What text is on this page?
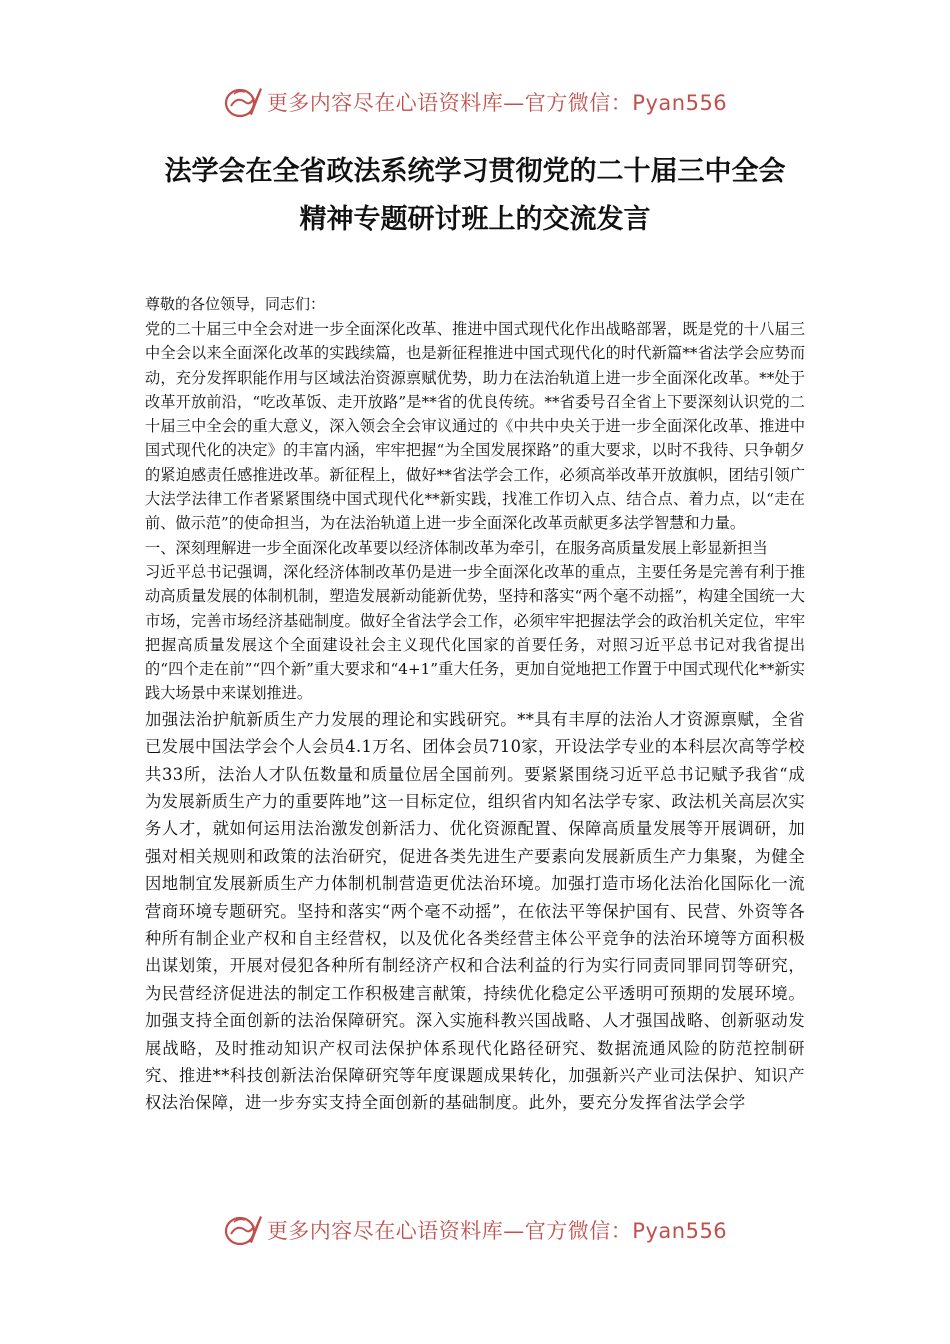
更多内容尽在心语资料库—官方微信：Pyan556
法学会在全省政法系统学习贯彻党的二十届三中全会
精神专题研讨班上的交流发言
尊敬的各位领导，同志们：
党的二十届三中全会对进一步全面深化改革、推进中国式现代化作出战略部署，既是党的十八届三中全会以来全面深化改革的实践续篇，也是新征程推进中国式现代化的时代新篇**省法学会应势而动，充分发挥职能作用与区域法治资源禀赋优势，助力在法治轨道上进一步全面深化改革。**处于改革开放前沿，“吃改革饭、走开放路”是**省的优良传统。**省委号召全省上下要深刻认识党的二十届三中全会的重大意义，深入领会全会审议通过的《中共中央关于进一步全面深化改革、推进中国式现代化的决定》的丰富内涵，牢牢把握“为全国发展探路”的重大要求，以时不我待、只争朝夕的紧迫感责任感推进改革。新征程上，做好**省法学会工作，必须高举改革开放旗帜，团结引领广大法学法律工作者紧紧围绕中国式现代化**新实践，找准工作切入点、结合点、着力点，以“走在前、做示范”的使命担当，为在法治轨道上进一步全面深化改革贡献更多法学智慧和力量。
一、深刻理解进一步全面深化改革要以经济体制改革为牵引，在服务高质量发展上彰显新担当
习近平总书记强调，深化经济体制改革仍是进一步全面深化改革的重点，主要任务是完善有利于推动高质量发展的体制机制，塑造发展新动能新优势，坚持和落实“两个毫不动摇”，构建全国统一大市场，完善市场经济基础制度。做好全省法学会工作，必须牢牢把握法学会的政治机关定位，牢牢把握高质量发展这个全面建设社会主义现代化国家的首要任务，对照习近平总书记对我省提出的“四个走在前”“四个新”重大要求和“4+1”重大任务，更加自觉地把工作置于中国式现代化**新实践大场景中来谋划推进。
加强法治护航新质生产力发展的理论和实践研究。**具有丰厚的法治人才资源禀赋，全省已发展中国法学会个人会员4.1万名、团体会员710家，开设法学专业的本科层次高等学校共33所，法治人才队伍数量和质量位居全国前列。要紧紧围绕习近平总书记赋予我省“成为发展新质生产力的重要阵地”这一目标定位，组织省内知名法学专家、政法机关高层次实务人才，就如何运用法治激发创新活力、优化资源配置、保障高质量发展等开展调研，加强对相关规则和政策的法治研究，促进各类先进生产要素向发展新质生产力集聚，为健全因地制宜发展新质生产力体制机制营造更优法治环境。加强打造市场化法治化国际化一流营商环境专题研究。坚持和落实“两个毫不动摇”，在依法平等保护国有、民营、外资等各种所有制企业产权和自主经营权，以及优化各类经营主体公平竞争的法治环境等方面积极出谋划策，开展对侵犯各种所有制经济产权和合法利益的行为实行同责同罪同罚等研究，为民营经济促进法的制定工作积极建言献策，持续优化稳定公平透明可预期的发展环境。加强支持全面创新的法治保障研究。深入实施科教兴国战略、人才强国战略、创新驱动发展战略，及时推动知识产权司法保护体系现代化路径研究、数据流通风险的防范控制研究、推进**科技创新法治保障研究等年度课题成果转化，加强新兴产业司法保护、知识产权法治保障，进一步夯实支持全面创新的基础制度。此外，要充分发挥省法学会学
更多内容尽在心语资料库—官方微信：Pyan556
